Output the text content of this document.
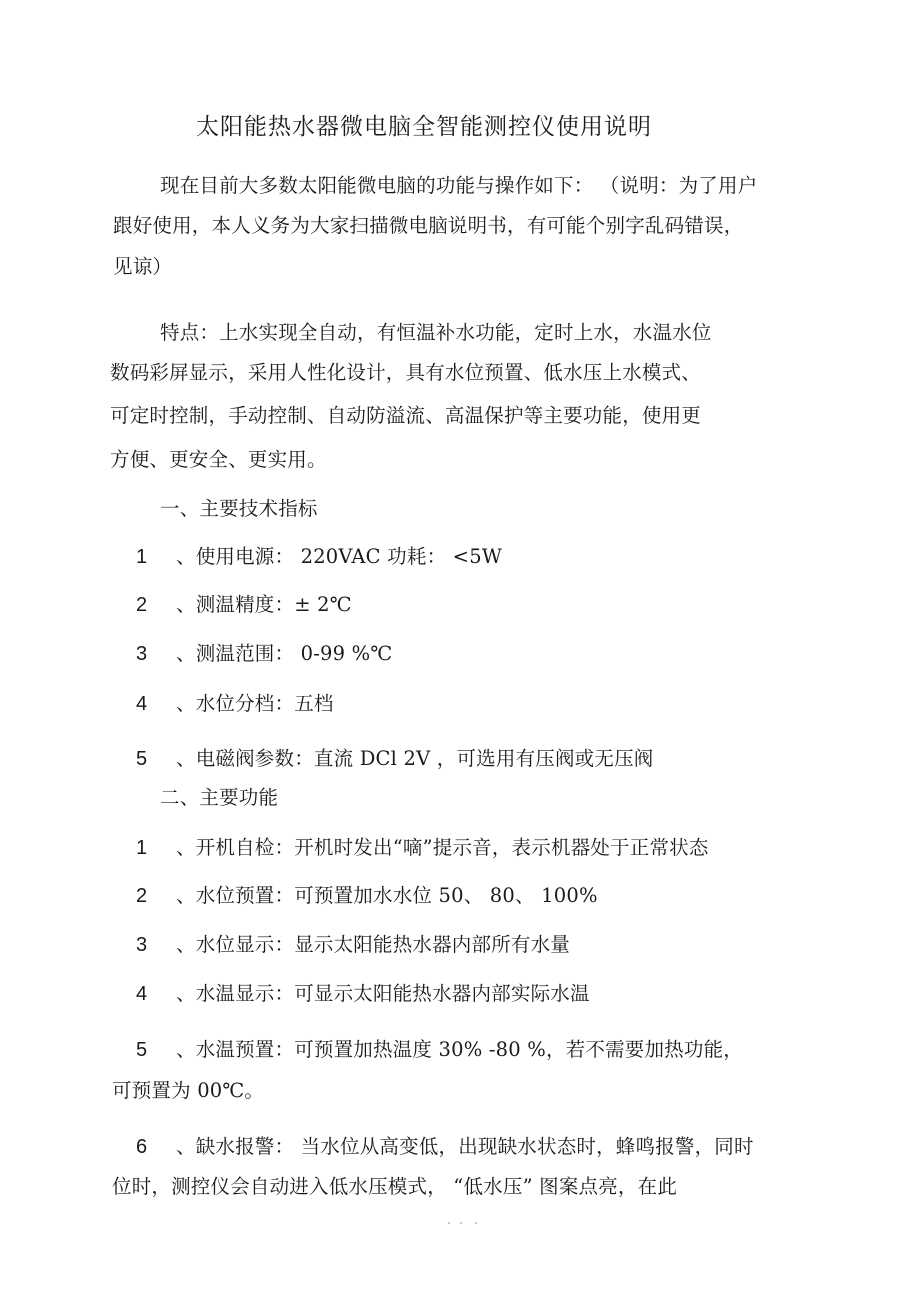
太阳能热水器微电脑全智能测控仪使用说明
现在目前大多数太阳能微电脑的功能与操作如下： （说明：为了用户
跟好使用，本人义务为大家扫描微电脑说明书，有可能个别字乱码错误，
见谅）
特点：上水实现全自动，有恒温补水功能，定时上水，水温水位
数码彩屏显示，采用人性化设计，具有水位预置、低水压上水模式、
可定时控制，手动控制、自动防溢流、高温保护等主要功能，使用更
方便、更安全、更实用。
一、主要技术指标
1 、使用电源： 220VAC 功耗： <5W
2 、测温精度：± 2℃
3 、测温范围： 0-99 %℃
4 、水位分档：五档
5 、电磁阀参数：直流 DCl 2V ，可选用有压阀或无压阀
二、主要功能
1 、开机自检：开机时发出“嘀”提示音，表示机器处于正常状态
2 、水位预置：可预置加水水位 50、 80、 100%
3 、水位显示：显示太阳能热水器内部所有水量
4 、水温显示：可显示太阳能热水器内部实际水温
5 、水温预置：可预置加热温度 30% -80 %，若不需要加热功能，
可预置为 00℃。
6 、缺水报警： 当水位从高变低，出现缺水状态时，蜂鸣报警，同时
位时，测控仪会自动进入低水压模式， “低水压” 图案点亮，在此
